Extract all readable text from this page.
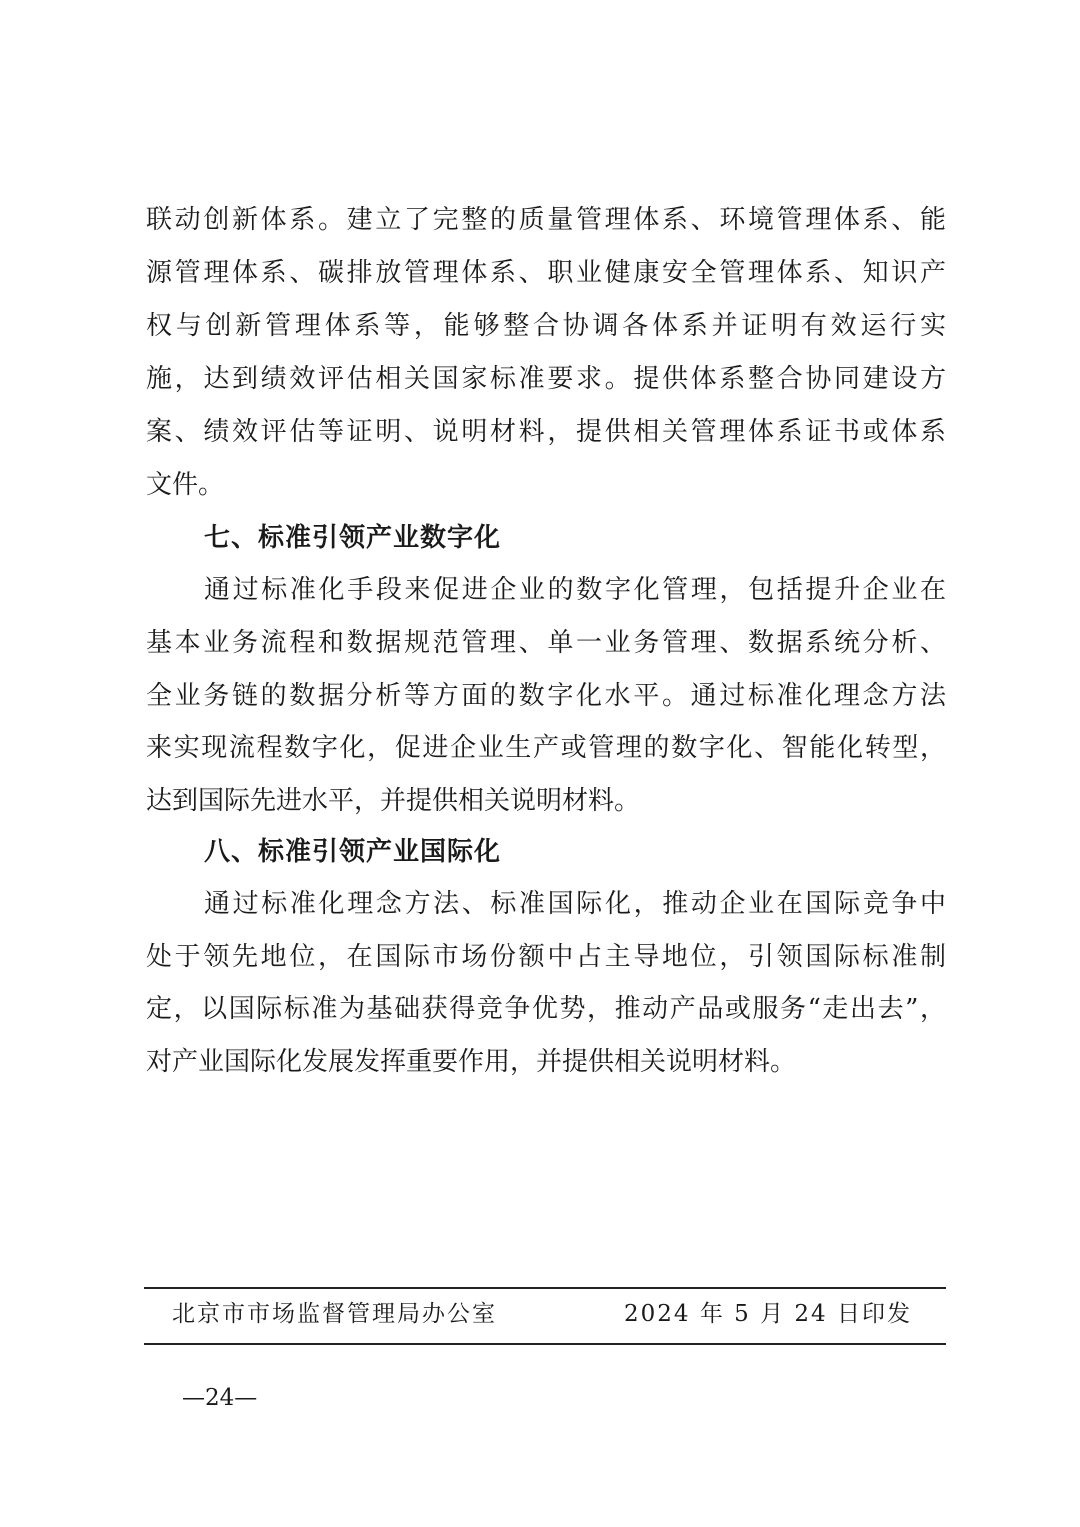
联动创新体系。建立了完整的质量管理体系、环境管理体系、能
源管理体系、碳排放管理体系、职业健康安全管理体系、知识产
权与创新管理体系等，能够整合协调各体系并证明有效运行实
施，达到绩效评估相关国家标准要求。提供体系整合协同建设方
案、绩效评估等证明、说明材料，提供相关管理体系证书或体系
文件。
七、标准引领产业数字化
通过标准化手段来促进企业的数字化管理，包括提升企业在
基本业务流程和数据规范管理、单一业务管理、数据系统分析、
全业务链的数据分析等方面的数字化水平。通过标准化理念方法
来实现流程数字化，促进企业生产或管理的数字化、智能化转型，
达到国际先进水平，并提供相关说明材料。
八、标准引领产业国际化
通过标准化理念方法、标准国际化，推动企业在国际竞争中
处于领先地位，在国际市场份额中占主导地位，引领国际标准制
定，以国际标准为基础获得竞争优势，推动产品或服务“走出去”，
对产业国际化发展发挥重要作用，并提供相关说明材料。
北京市市场监督管理局办公室	2024 年 5 月 24 日印发
—24—
